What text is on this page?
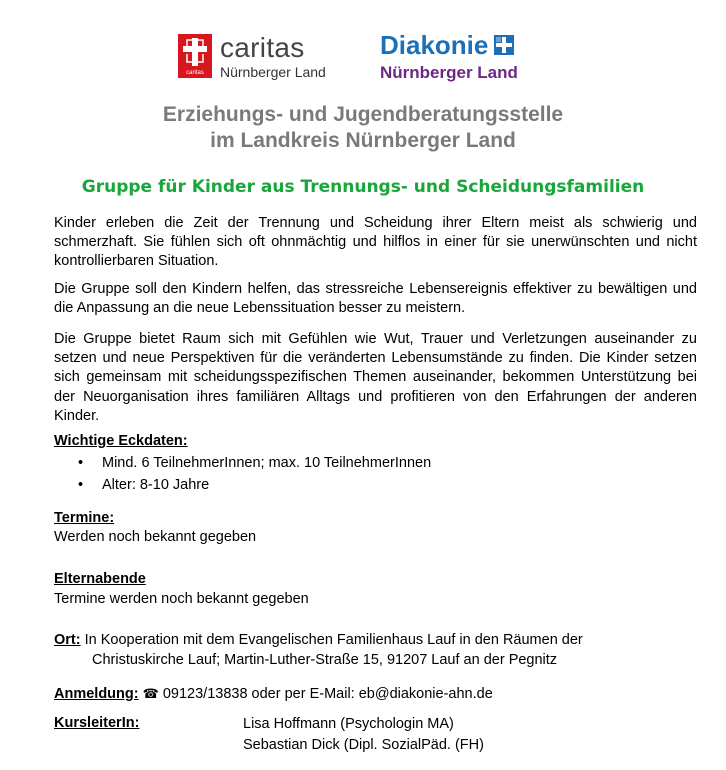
caritas
caritas
Nürnberger Land
Diakonie
Nürnberger Land
Erziehungs- und Jugendberatungsstelle
im Landkreis Nürnberger Land
Gruppe für Kinder aus Trennungs- und Scheidungsfamilien
Kinder erleben die Zeit der Trennung und Scheidung ihrer Eltern meist als schwierig und schmerzhaft. Sie fühlen sich oft ohnmächtig und hilflos in einer für sie unerwünschten und nicht kontrollierbaren Situation.
Die Gruppe soll den Kindern helfen, das stressreiche Lebensereignis effektiver zu bewältigen und die Anpassung an die neue Lebenssituation besser zu meistern.
Die Gruppe bietet Raum sich mit Gefühlen wie Wut, Trauer und Verletzungen auseinander zu setzen und neue Perspektiven für die veränderten Lebensumstände zu finden. Die Kinder setzen sich gemeinsam mit scheidungsspezifischen Themen auseinander, bekommen Unterstützung bei der Neuorganisation ihres familiären Alltags und profitieren von den Erfahrungen der anderen Kinder.
Wichtige Eckdaten:
• Mind. 6 TeilnehmerInnen; max. 10 TeilnehmerInnen
• Alter: 8-10 Jahre
Termine:
Werden noch bekannt gegeben
Elternabende
Termine werden noch bekannt gegeben
Ort: In Kooperation mit dem Evangelischen Familienhaus Lauf in den Räumen der
Christuskirche Lauf; Martin-Luther-Straße 15, 91207 Lauf an der Pegnitz
Anmeldung: ☎ 09123/13838 oder per E-Mail: eb@diakonie-ahn.de
KursleiterIn:	Lisa Hoffmann (Psychologin MA)
Sebastian Dick (Dipl. SozialPäd. (FH)
